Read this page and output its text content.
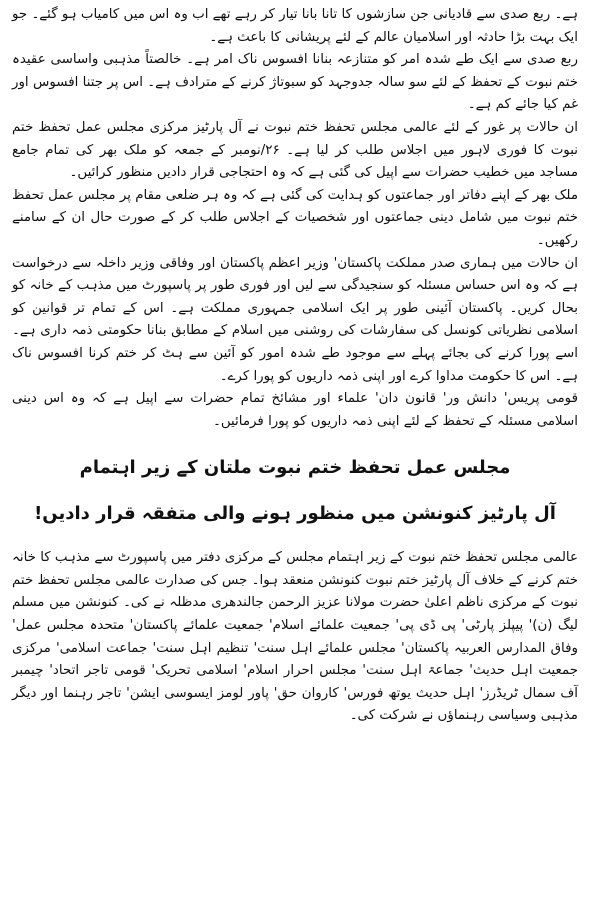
ہے۔ ربع صدی سے قادیانی جن سازشوں کا تانا بانا تیار کر رہے تھے اب وہ اس میں کامیاب ہو گئے۔ جو ایک بہت بڑا حادثہ اور اسلامیان عالم کے لئے پریشانی کا باعث ہے۔

ربع صدی سے ایک طے شدہ امر کو متنازعہ بنانا افسوس ناک امر ہے۔ خالصتاً مذہبی واساسی عقیدہ ختم نبوت کے تحفظ کے لئے سو سالہ جدوجہد کو سبوتاژ کرنے کے مترادف ہے۔ اس پر جتنا افسوس اور غم کیا جائے کم ہے۔

ان حالات پر غور کے لئے عالمی مجلس تحفظ ختم نبوت نے آل پارٹیز مرکزی مجلس عمل تحفظ ختم نبوت کا فوری لاہور میں اجلاس طلب کر لیا ہے۔ ۲۶/نومبر کے جمعہ کو ملک بھر کی تمام جامع مساجد میں خطیب حضرات سے اپیل کی گئی ہے کہ وہ احتجاجی قرار دادیں منظور کرائیں۔

ملک بھر کے اپنے دفاتر اور جماعتوں کو ہدایت کی گئی ہے کہ وہ ہر ضلعی مقام پر مجلس عمل تحفظ ختم نبوت میں شامل دینی جماعتوں اور شخصیات کے اجلاس طلب کر کے صورت حال ان کے سامنے رکھیں۔

ان حالات میں ہماری صدر مملکت پاکستان' وزیر اعظم پاکستان اور وفاقی وزیر داخلہ سے درخواست ہے کہ وہ اس حساس مسئلہ کو سنجیدگی سے لیں اور فوری طور پر پاسپورٹ میں مذہب کے خانہ کو بحال کریں۔ پاکستان آئینی طور پر ایک اسلامی جمہوری مملکت ہے۔ اس کے تمام تر قوانین کو اسلامی نظریاتی کونسل کی سفارشات کی روشنی میں اسلام کے مطابق بنانا حکومتی ذمہ داری ہے۔ اسے پورا کرنے کی بجائے پہلے سے موجود طے شدہ امور کو آئین سے ہٹ کر ختم کرنا افسوس ناک ہے۔ اس کا حکومت مداوا کرے اور اپنی ذمہ داریوں کو پورا کرے۔

قومی پریس' دانش ور' قانون دان' علماء اور مشائخ تمام حضرات سے اپیل ہے کہ وہ اس دینی اسلامی مسئلہ کے تحفظ کے لئے اپنی ذمہ داریوں کو پورا فرمائیں۔

مجلس عمل تحفظ ختم نبوت ملتان کے زیر اہتمام
آل پارٹیز کنونشن میں منظور ہونے والی متفقہ قرار دادیں!

عالمی مجلس تحفظ ختم نبوت کے زیر اہتمام مجلس کے مرکزی دفتر میں پاسپورٹ سے مذہب کا خانہ ختم کرنے کے خلاف آل پارٹیز ختم نبوت کنونشن منعقد ہوا۔ جس کی صدارت عالمی مجلس تحفظ ختم نبوت کے مرکزی ناظم اعلیٰ حضرت مولانا عزیز الرحمن جالندھری مدظلہ نے کی۔ کنونشن میں مسلم لیگ (ن)' پیپلز پارٹی' پی ڈی پی' جمعیت علمائے اسلام' جمعیت علمائے پاکستان' متحدہ مجلس عمل' وفاق المدارس العربیہ پاکستان' مجلس علمائے اہل سنت' تنظیم اہل سنت' جماعت اسلامی' مرکزی جمعیت اہل حدیث' جماعۃ اہل سنت' مجلس احرار اسلام' اسلامی تحریک' قومی تاجر اتحاد' چیمبر آف سمال ٹریڈرز' اہل حدیث یوتھ فورس' کاروان حق' پاور لومز ایسوسی ایشن' تاجر رہنما اور دیگر مذہبی وسیاسی رہنماؤں نے شرکت کی۔
